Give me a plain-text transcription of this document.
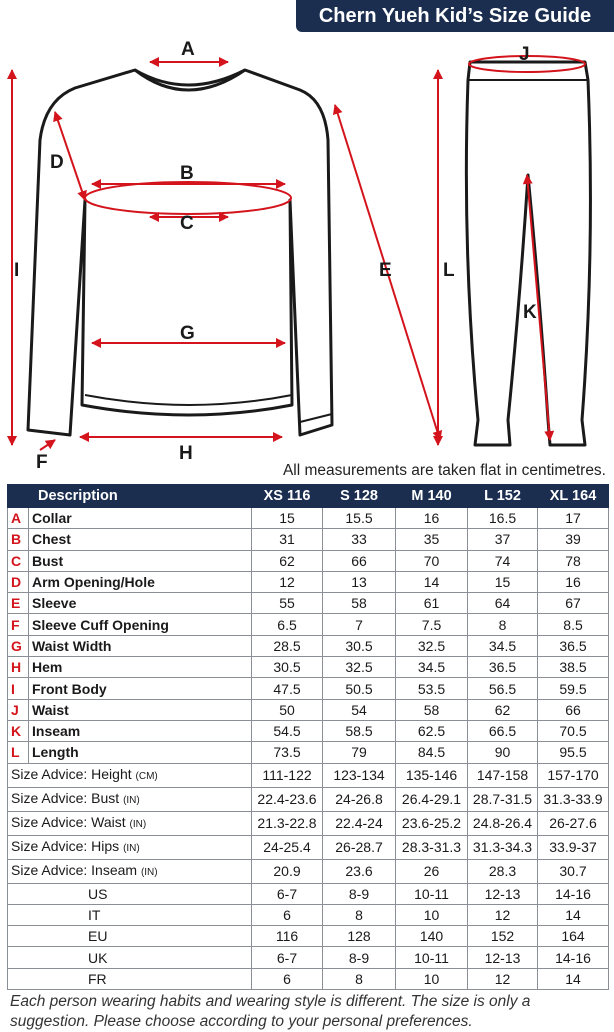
Chern Yueh Kid’s Size Guide
A
B
C
D
E
F
G
H
I
J
K
L
All measurements are taken flat in centimetres.
Description		XS 116	S 128	M 140	L 152	XL 164
A	Collar	15	15.5	16	16.5	17
B	Chest	31	33	35	37	39
C	Bust	62	66	70	74	78
D	Arm Opening/Hole	12	13	14	15	16
E	Sleeve	55	58	61	64	67
F	Sleeve Cuff Opening	6.5	7	7.5	8	8.5
G	Waist Width	28.5	30.5	32.5	34.5	36.5
H	Hem	30.5	32.5	34.5	36.5	38.5
I	Front Body	47.5	50.5	53.5	56.5	59.5
J	Waist	50	54	58	62	66
K	Inseam	54.5	58.5	62.5	66.5	70.5
L	Length	73.5	79	84.5	90	95.5
Size Advice: Height (CM)		111-122	123-134	135-146	147-158	157-170
Size Advice: Bust (IN)		22.4-23.6	24-26.8	26.4-29.1	28.7-31.5	31.3-33.9
Size Advice: Waist (IN)		21.3-22.8	22.4-24	23.6-25.2	24.8-26.4	26-27.6
Size Advice: Hips (IN)		24-25.4	26-28.7	28.3-31.3	31.3-34.3	33.9-37
Size Advice: Inseam (IN)		20.9	23.6	26	28.3	30.7
US		6-7	8-9	10-11	12-13	14-16
IT		6	8	10	12	14
EU		116	128	140	152	164
UK		6-7	8-9	10-11	12-13	14-16
FR		6	8	10	12	14
Each person wearing habits and wearing style is different. The size is only a suggestion. Please choose according to your personal preferences.
